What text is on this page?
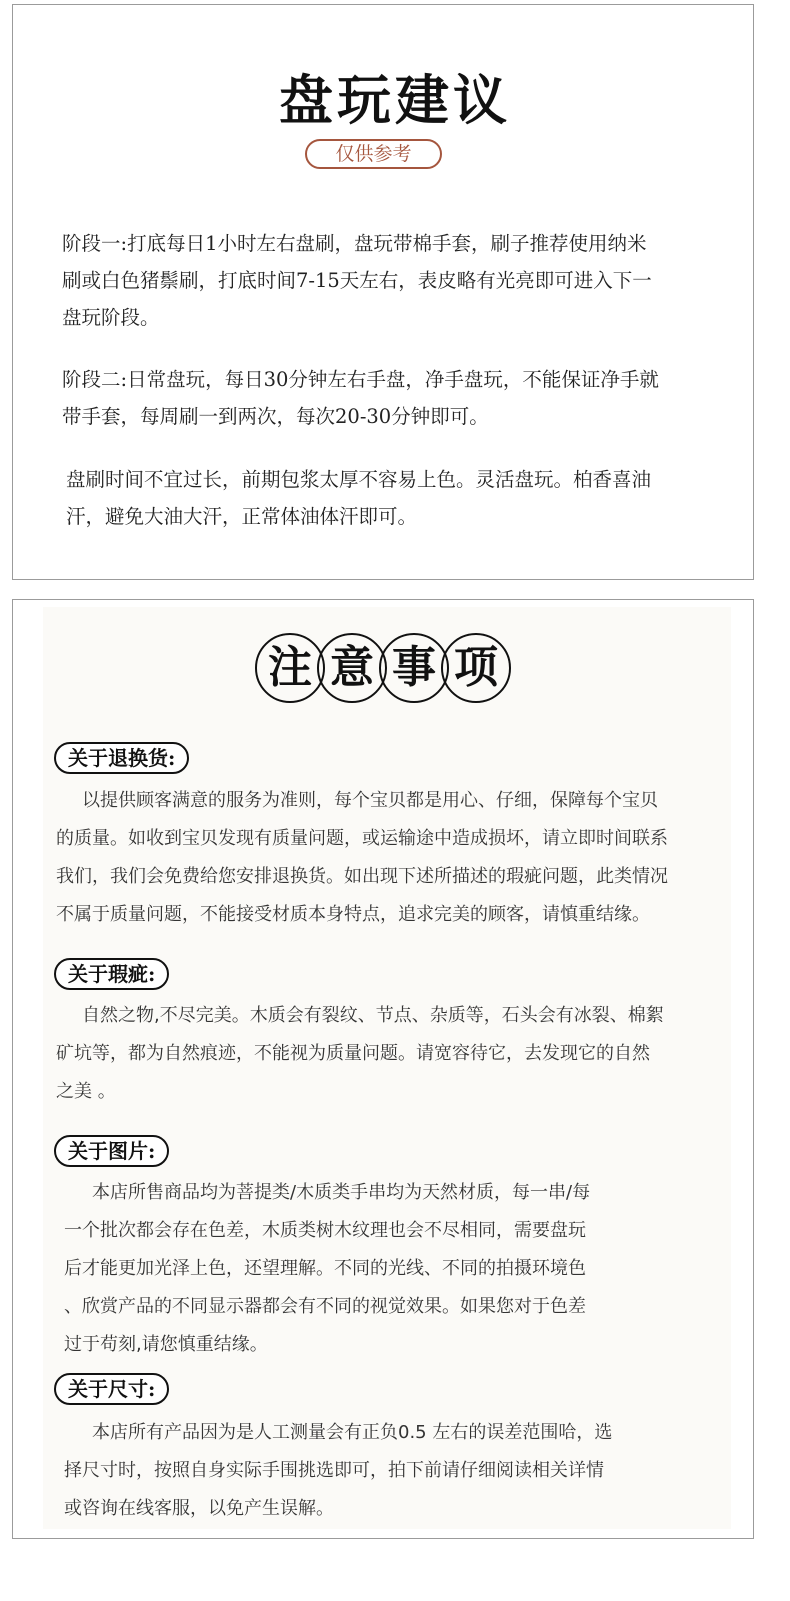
盘玩建议
仅供参考

阶段一:打底每日1小时左右盘刷，盘玩带棉手套，刷子推荐使用纳米
刷或白色猪鬃刷，打底时间7-15天左右，表皮略有光亮即可进入下一
盘玩阶段。

阶段二:日常盘玩，每日30分钟左右手盘，净手盘玩，不能保证净手就
带手套，每周刷一到两次，每次20-30分钟即可。

盘刷时间不宜过长，前期包浆太厚不容易上色。灵活盘玩。柏香喜油
汗，避免大油大汗，正常体油体汗即可。

注 意 事 项
关于退换货:

以提供顾客满意的服务为准则，每个宝贝都是用心、仔细，保障每个宝贝
的质量。如收到宝贝发现有质量问题，或运输途中造成损坏，请立即时间联系
我们，我们会免费给您安排退换货。如出现下述所描述的瑕疵问题，此类情况
不属于质量问题，不能接受材质本身特点，追求完美的顾客，请慎重结缘。

关于瑕疵:

自然之物,不尽完美。木质会有裂纹、节点、杂质等，石头会有冰裂、棉絮
矿坑等，都为自然痕迹，不能视为质量问题。请宽容待它，去发现它的自然
之美 。

关于图片:

本店所售商品均为菩提类/木质类手串均为天然材质，每一串/每
一个批次都会存在色差，木质类树木纹理也会不尽相同，需要盘玩
后才能更加光泽上色，还望理解。不同的光线、不同的拍摄环境色
、欣赏产品的不同显示器都会有不同的视觉效果。如果您对于色差
过于苟刻,请您慎重结缘。

关于尺寸:

本店所有产品因为是人工测量会有正负0.5 左右的误差范围哈，选
择尺寸时，按照自身实际手围挑选即可，拍下前请仔细阅读相关详情
或咨询在线客服，以免产生误解。
